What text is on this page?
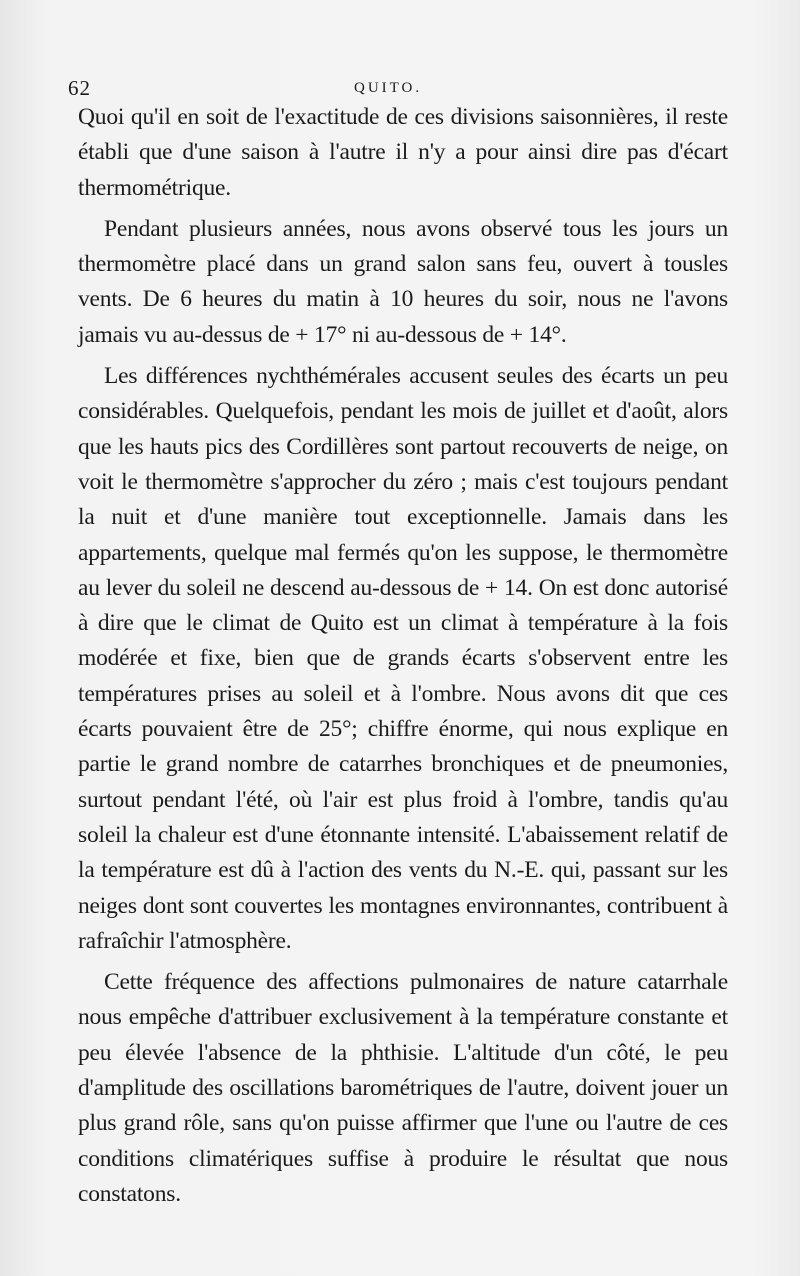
62	QUITO.

Quoi qu'il en soit de l'exactitude de ces divisions saisonnières, il reste établi que d'une saison à l'autre il n'y a pour ainsi dire pas d'écart thermométrique.

Pendant plusieurs années, nous avons observé tous les jours un thermomètre placé dans un grand salon sans feu, ouvert à tousles vents. De 6 heures du matin à 10 heures du soir, nous ne l'avons jamais vu au-dessus de + 17° ni au-dessous de + 14°.

Les différences nychthémérales accusent seules des écarts un peu considérables. Quelquefois, pendant les mois de juillet et d'août, alors que les hauts pics des Cordillères sont partout recouverts de neige, on voit le thermomètre s'approcher du zéro ; mais c'est toujours pendant la nuit et d'une manière tout exceptionnelle. Jamais dans les appartements, quelque mal fermés qu'on les suppose, le thermomètre au lever du soleil ne descend au-dessous de + 14. On est donc autorisé à dire que le climat de Quito est un climat à température à la fois modérée et fixe, bien que de grands écarts s'observent entre les températures prises au soleil et à l'ombre. Nous avons dit que ces écarts pouvaient être de 25°; chiffre énorme, qui nous explique en partie le grand nombre de catarrhes bronchiques et de pneumonies, surtout pendant l'été, où l'air est plus froid à l'ombre, tandis qu'au soleil la chaleur est d'une étonnante intensité. L'abaissement relatif de la température est dû à l'action des vents du N.-E. qui, passant sur les neiges dont sont couvertes les montagnes environnantes, contribuent à rafraîchir l'atmosphère.

Cette fréquence des affections pulmonaires de nature catarrhale nous empêche d'attribuer exclusivement à la température constante et peu élevée l'absence de la phthisie. L'altitude d'un côté, le peu d'amplitude des oscillations barométriques de l'autre, doivent jouer un plus grand rôle, sans qu'on puisse affirmer que l'une ou l'autre de ces conditions climatériques suffise à produire le résultat que nous constatons.
